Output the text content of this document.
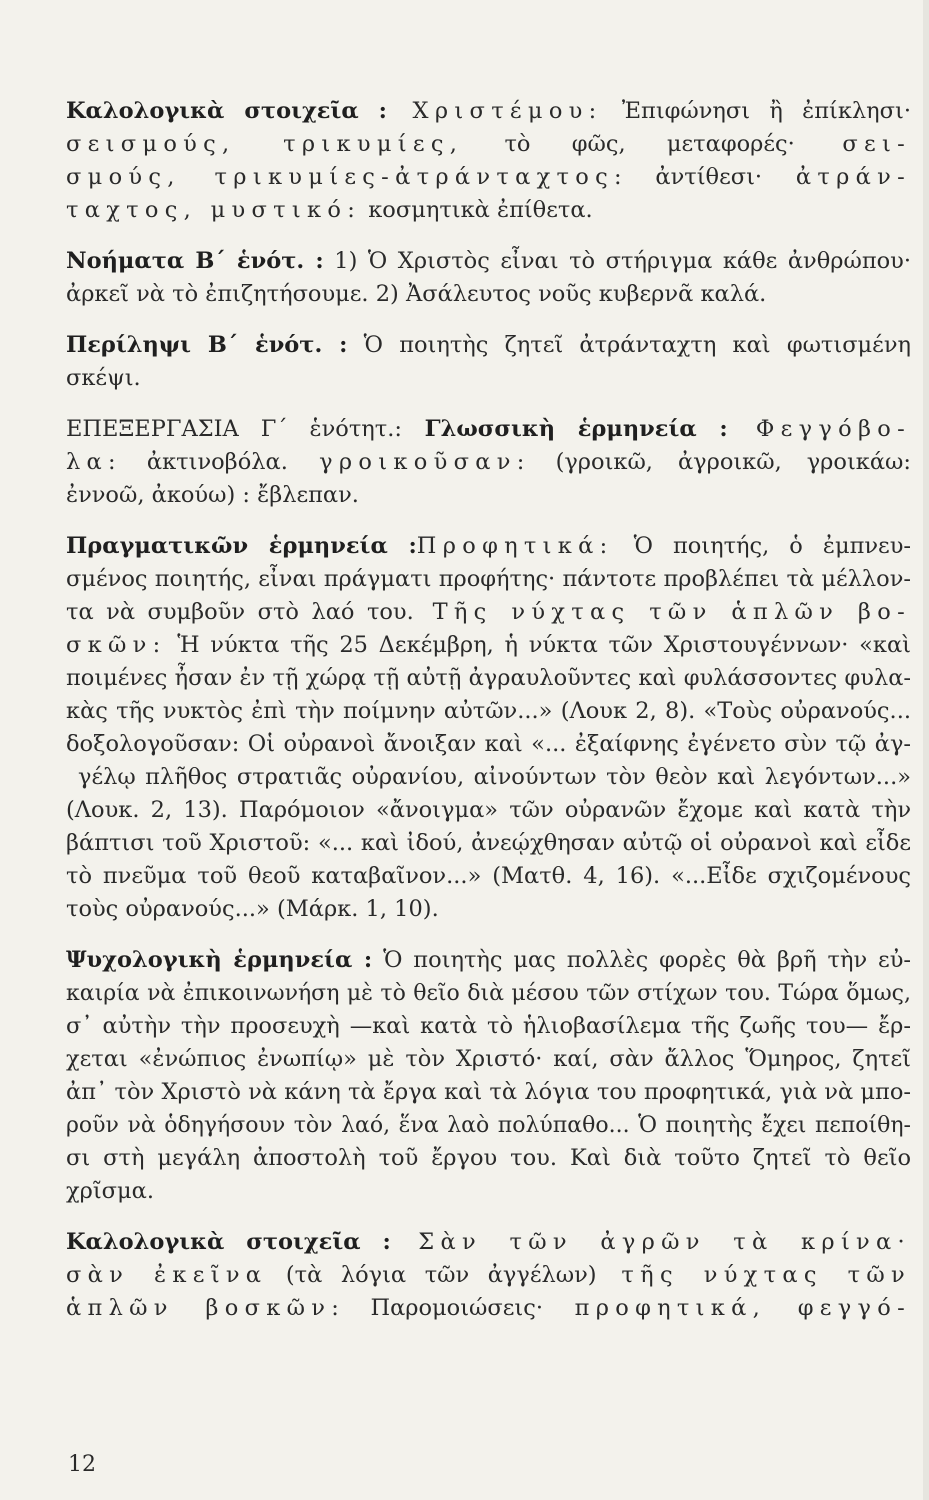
Καλολογικὰ στοιχεῖα : Χριστέμου: Ἐπιφώνησι ἢ ἐπίκλησι·
σεισμούς, τρικυμίες, τὸ φῶς, μεταφορές· σει-
σμούς, τρικυμίες-ἀτράνταχτος: ἀντίθεσι· ἀτράν-
ταχτος, μυστικό: κοσμητικὰ ἐπίθετα.
Νοήματα Β΄ ἑνότ. : 1) Ὁ Χριστὸς εἶναι τὸ στήριγμα κάθε ἀνθρώπου·
ἀρκεῖ νὰ τὸ ἐπιζητήσουμε. 2) Ἀσάλευτος νοῦς κυβερνᾶ καλά.
Περίληψι Β΄ ἑνότ. : Ὁ ποιητὴς ζητεῖ ἀτράνταχτη καὶ φωτισμένη
σκέψι.
ΕΠΕΞΕΡΓΑΣΙΑ Γ΄ ἑνότητ.: Γλωσσικὴ ἑρμηνεία : Φεγγόβο-
λα: ἀκτινοβόλα. γροικοῦσαν: (γροικῶ, ἀγροικῶ, γροικάω:
ἐννοῶ, ἀκούω) : ἔβλεπαν.
Πραγματικῶν ἑρμηνεία :Προφητικά: Ὁ ποιητής, ὁ ἐμπνευ-
σμένος ποιητής, εἶναι πράγματι προφήτης· πάντοτε προβλέπει τὰ μέλλον-
τα νὰ συμβοῦν στὸ λαό του. Τῆς νύχτας τῶν ἁπλῶν βο-
σκῶν: Ἡ νύκτα τῆς 25 Δεκέμβρη, ἡ νύκτα τῶν Χριστουγέννων· «καὶ
ποιμένες ἦσαν ἐν τῇ χώρᾳ τῇ αὐτῇ ἀγραυλοῦντες καὶ φυλάσσοντες φυλα-
κὰς τῆς νυκτὸς ἐπὶ τὴν ποίμνην αὐτῶν...» (Λουκ 2, 8). «Τοὺς οὐρανούς...
δοξολογοῦσαν: Οἱ οὐρανοὶ ἄνοιξαν καὶ «... ἐξαίφνης ἐγένετο σὺν τῷ ἀγ-
γέλῳ πλῆθος στρατιᾶς οὐρανίου, αἰνούντων τὸν θεὸν καὶ λεγόντων...»
(Λουκ. 2, 13). Παρόμοιον «ἄνοιγμα» τῶν οὐρανῶν ἔχομε καὶ κατὰ τὴν
βάπτισι τοῦ Χριστοῦ: «... καὶ ἰδού, ἀνεῴχθησαν αὐτῷ οἱ οὐρανοὶ καὶ εἶδε
τὸ πνεῦμα τοῦ θεοῦ καταβαῖνον...» (Ματθ. 4, 16). «...Εἶδε σχιζομένους
τοὺς οὐρανούς...» (Μάρκ. 1, 10).
Ψυχολογικὴ ἑρμηνεία : Ὁ ποιητὴς μας πολλὲς φορὲς θὰ βρῆ τὴν εὐ-
καιρία νὰ ἐπικοινωνήση μὲ τὸ θεῖο διὰ μέσου τῶν στίχων του. Τώρα ὅμως,
σ᾿ αὐτὴν τὴν προσευχὴ —καὶ κατὰ τὸ ἡλιοβασίλεμα τῆς ζωῆς του— ἔρ-
χεται «ἐνώπιος ἐνωπίῳ» μὲ τὸν Χριστό· καί, σὰν ἄλλος Ὅμηρος, ζητεῖ
ἀπ᾿ τὸν Χριστὸ νὰ κάνη τὰ ἔργα καὶ τὰ λόγια του προφητικά, γιὰ νὰ μπο-
ροῦν νὰ ὁδηγήσουν τὸν λαό, ἕνα λαὸ πολύπαθο... Ὁ ποιητὴς ἔχει πεποίθη-
σι στὴ μεγάλη ἀποστολὴ τοῦ ἔργου του. Καὶ διὰ τοῦτο ζητεῖ τὸ θεῖο
χρῖσμα.
Καλολογικὰ στοιχεῖα : Σὰν τῶν ἀγρῶν τὰ κρίνα·
σὰν ἐκεῖνα (τὰ λόγια τῶν ἀγγέλων) τῆς νύχτας τῶν
ἁπλῶν βοσκῶν: Παρομοιώσεις· προφητικά, φεγγό-
12
